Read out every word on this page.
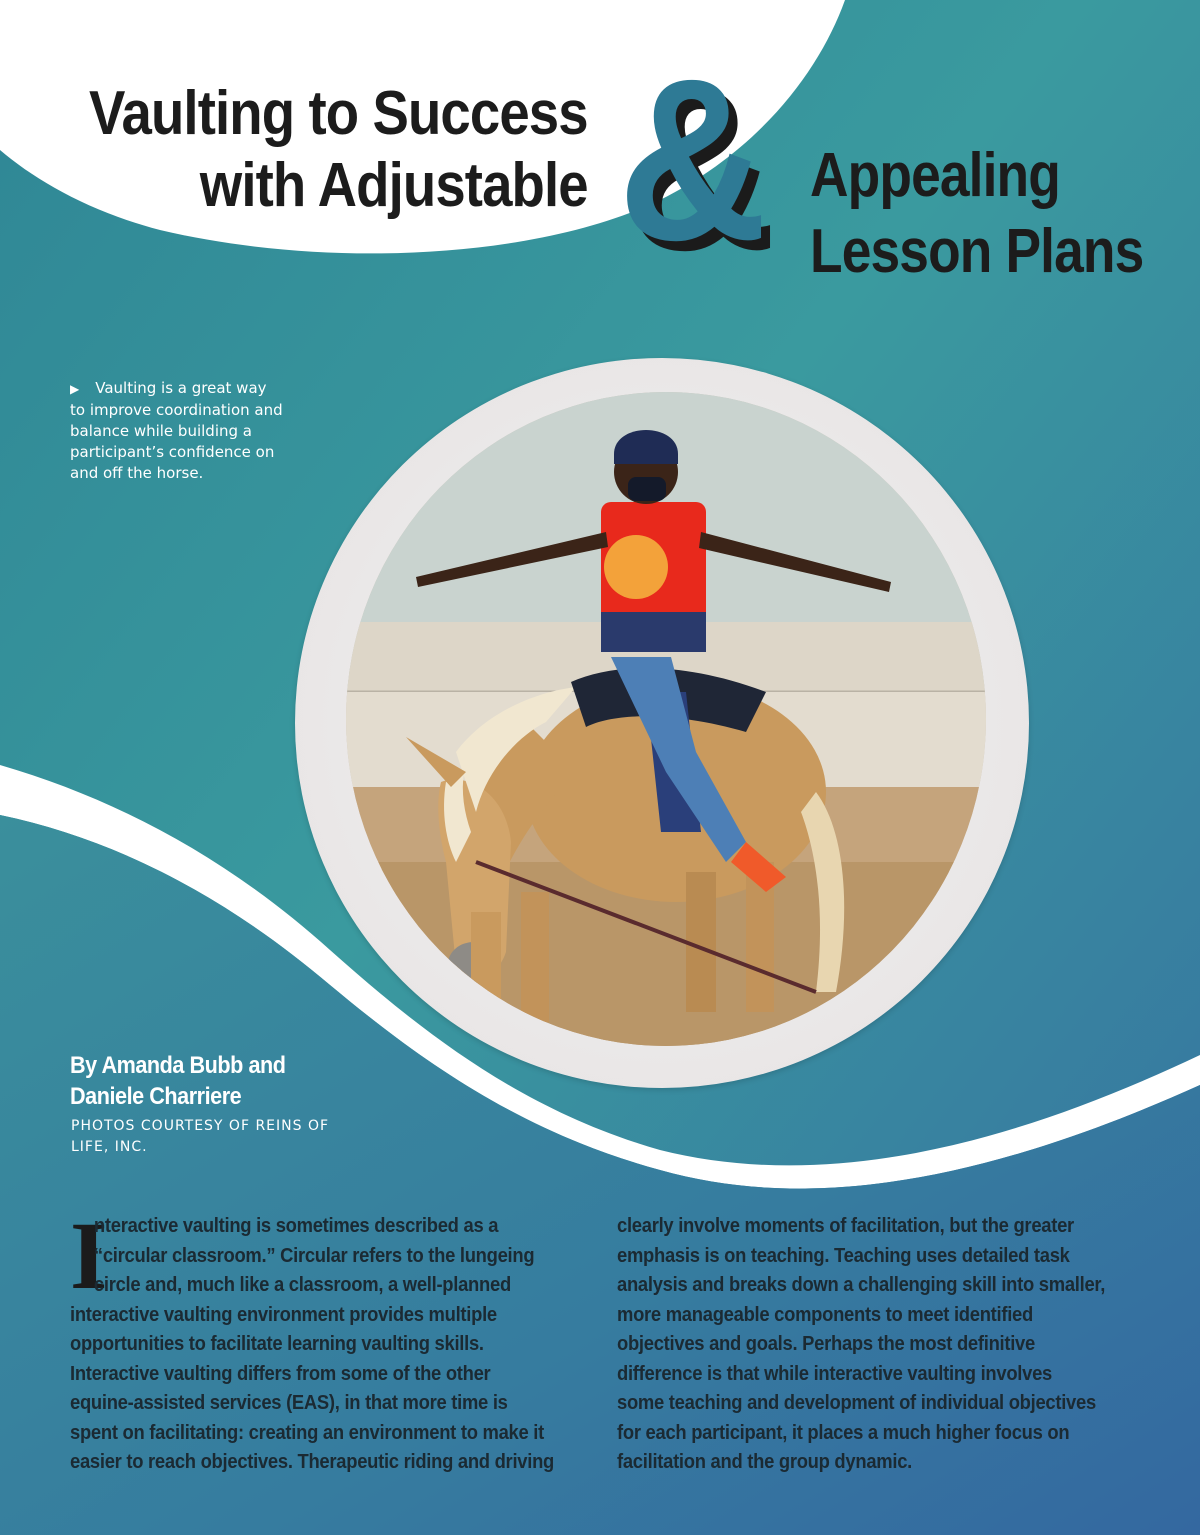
Vaulting to Success
with Adjustable & Appealing
Lesson Plans
▶ Vaulting is a great way to improve coordination and balance while building a participant’s confidence on and off the horse.
By Amanda Bubb and
Daniele Charriere
PHOTOS COURTESY OF REINS OF LIFE, INC.
I
nteractive vaulting is sometimes described as a
“circular classroom.” Circular refers to the lungeing
circle and, much like a classroom, a well-planned
interactive vaulting environment provides multiple
opportunities to facilitate learning vaulting skills.
Interactive vaulting differs from some of the other
equine-assisted services (EAS), in that more time is
spent on facilitating: creating an environment to make it
easier to reach objectives. Therapeutic riding and driving
clearly involve moments of facilitation, but the greater
emphasis is on teaching. Teaching uses detailed task
analysis and breaks down a challenging skill into smaller,
more manageable components to meet identified
objectives and goals. Perhaps the most definitive
difference is that while interactive vaulting involves
some teaching and development of individual objectives
for each participant, it places a much higher focus on
facilitation and the group dynamic.
